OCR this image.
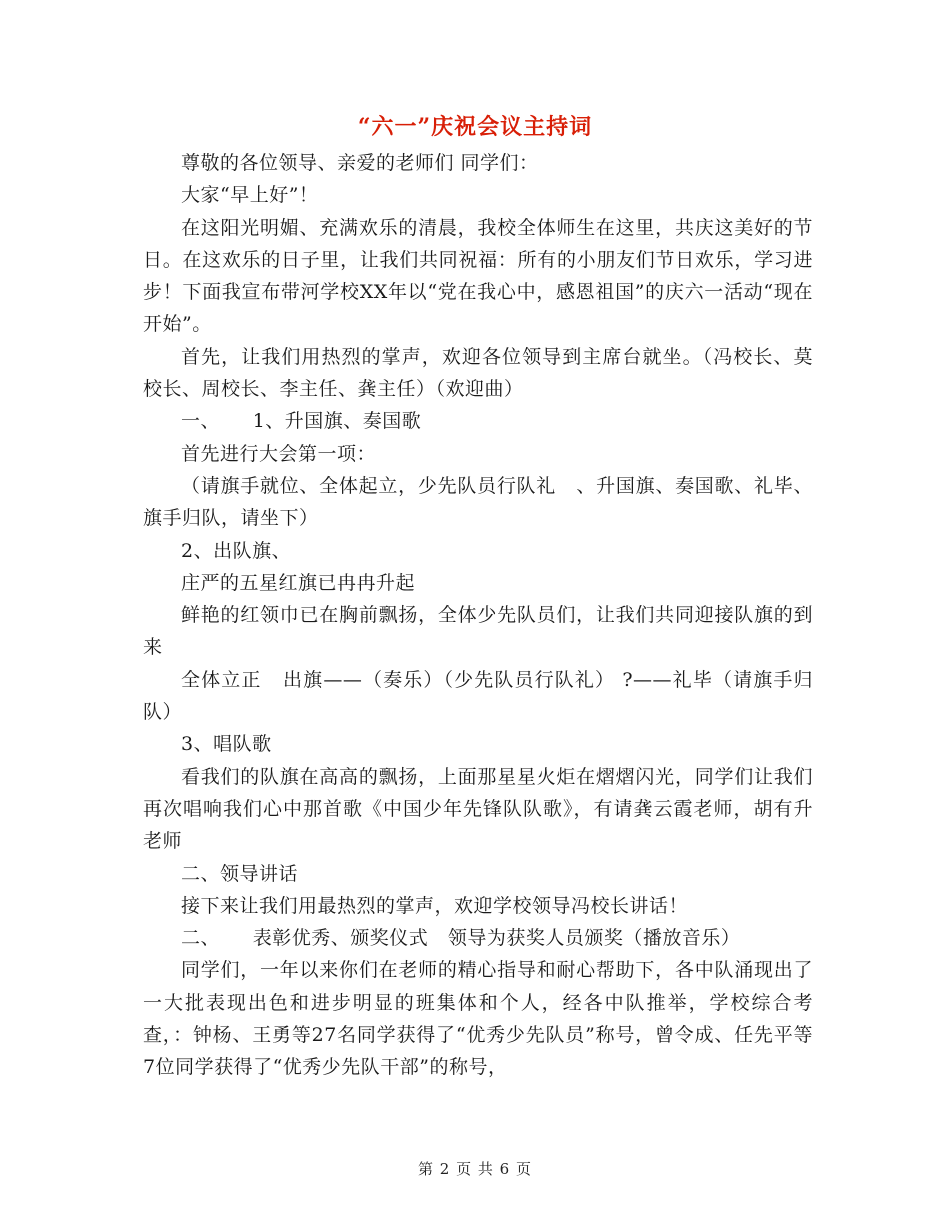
“六一”庆祝会议主持词

尊敬的各位领导、亲爱的老师们 同学们：

大家“早上好”！

在这阳光明媚、充满欢乐的清晨，我校全体师生在这里，共庆这美好的节日。在这欢乐的日子里，让我们共同祝福：所有的小朋友们节日欢乐，学习进步！下面我宣布带河学校XX年以“党在我心中，感恩祖国”的庆六一活动“现在开始”。

首先，让我们用热烈的掌声，欢迎各位领导到主席台就坐。（冯校长、莫校长、周校长、李主任、龚主任）（欢迎曲）

一、     1、升国旗、奏国歌

首先进行大会第一项：

（请旗手就位、全体起立，少先队员行队礼   、升国旗、奏国歌、礼毕、旗手归队，请坐下）

2、出队旗、

庄严的五星红旗已冉冉升起

鲜艳的红领巾已在胸前飘扬，全体少先队员们，让我们共同迎接队旗的到来

全体立正   出旗——（奏乐）（少先队员行队礼） ?——礼毕（请旗手归队）

3、唱队歌

看我们的队旗在高高的飘扬，上面那星星火炬在熠熠闪光，同学们让我们再次唱响我们心中那首歌《中国少年先锋队队歌》，有请龚云霞老师，胡有升老师

二、领导讲话

接下来让我们用最热烈的掌声，欢迎学校领导冯校长讲话！

二、     表彰优秀、颁奖仪式   领导为获奖人员颁奖（播放音乐）

同学们，一年以来你们在老师的精心指导和耐心帮助下，各中队涌现出了一大批表现出色和进步明显的班集体和个人，经各中队推举，学校综合考查，：钟杨、王勇等27名同学获得了“优秀少先队员”称号，曾令成、任先平等7位同学获得了“优秀少先队干部”的称号，

第 2 页 共 6 页
